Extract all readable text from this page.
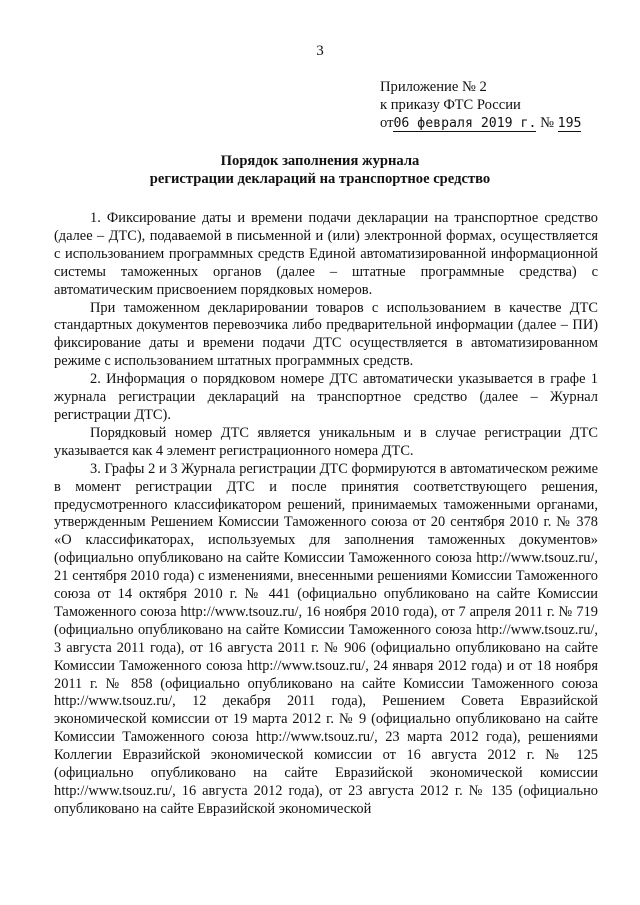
3
Приложение № 2
к приказу ФТС России
от06 февраля 2019 г. № 195
Порядок заполнения журнала
регистрации деклараций на транспортное средство

1. Фиксирование даты и времени подачи декларации на транспортное средство (далее – ДТС), подаваемой в письменной и (или) электронной формах, осуществляется с использованием программных средств Единой автоматизированной информационной системы таможенных органов (далее – штатные программные средства) с автоматическим присвоением порядковых номеров.

При таможенном декларировании товаров с использованием в качестве ДТС стандартных документов перевозчика либо предварительной информации (далее – ПИ) фиксирование даты и времени подачи ДТС осуществляется в автоматизированном режиме с использованием штатных программных средств.

2. Информация о порядковом номере ДТС автоматически указывается в графе 1 журнала регистрации деклараций на транспортное средство (далее – Журнал регистрации ДТС).

Порядковый номер ДТС является уникальным и в случае регистрации ДТС указывается как 4 элемент регистрационного номера ДТС.

3. Графы 2 и 3 Журнала регистрации ДТС формируются в автоматическом режиме в момент регистрации ДТС и после принятия соответствующего решения, предусмотренного классификатором решений, принимаемых таможенными органами, утвержденным Решением Комиссии Таможенного союза от 20 сентября 2010 г. № 378 «О классификаторах, используемых для заполнения таможенных документов» (официально опубликовано на сайте Комиссии Таможенного союза http://www.tsouz.ru/, 21 сентября 2010 года) с изменениями, внесенными решениями Комиссии Таможенного союза от 14 октября 2010 г. № 441 (официально опубликовано на сайте Комиссии Таможенного союза http://www.tsouz.ru/, 16 ноября 2010 года), от 7 апреля 2011 г. № 719 (официально опубликовано на сайте Комиссии Таможенного союза http://www.tsouz.ru/, 3 августа 2011 года), от 16 августа 2011 г. № 906 (официально опубликовано на сайте Комиссии Таможенного союза http://www.tsouz.ru/, 24 января 2012 года) и от 18 ноября 2011 г. № 858 (официально опубликовано на сайте Комиссии Таможенного союза http://www.tsouz.ru/, 12 декабря 2011 года), Решением Совета Евразийской экономической комиссии от 19 марта 2012 г. № 9 (официально опубликовано на сайте Комиссии Таможенного союза http://www.tsouz.ru/, 23 марта 2012 года), решениями Коллегии Евразийской экономической комиссии от 16 августа 2012 г. № 125 (официально опубликовано на сайте Евразийской экономической комиссии http://www.tsouz.ru/, 16 августа 2012 года), от 23 августа 2012 г. № 135 (официально опубликовано на сайте Евразийской экономической
